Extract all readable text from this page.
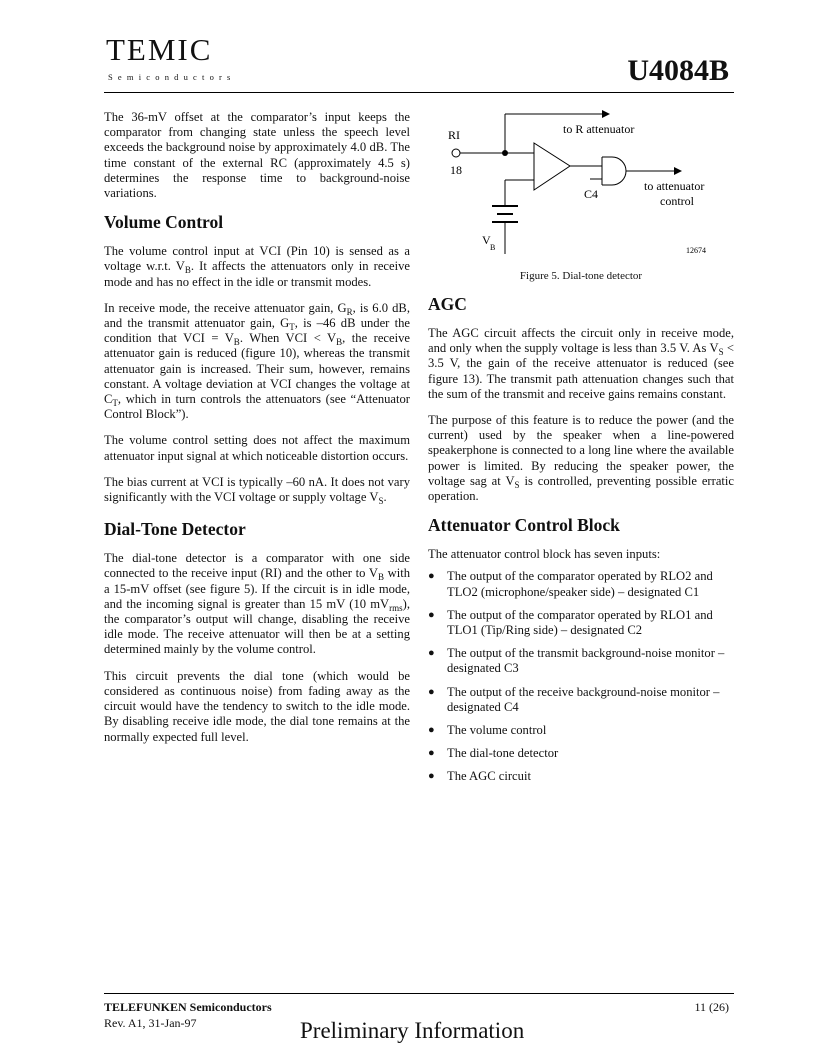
TEMIC
Semiconductors	U4084B

The 36-mV offset at the comparator’s input keeps the comparator from changing state unless the speech level exceeds the background noise by approximately 4.0 dB. The time constant of the external RC (approximately 4.5 s) determines the response time to background-noise variations.

Volume Control

The volume control input at VCI (Pin 10) is sensed as a voltage w.r.t. $V_B$. It affects the attenuators only in receive mode and has no effect in the idle or transmit modes.

In receive mode, the receive attenuator gain, $G_R$, is 6.0 dB, and the transmit attenuator gain, $G_T$, is –46 dB under the condition that VCI = $V_B$. When VCI < $V_B$, the receive attenuator gain is reduced (figure 10), whereas the transmit attenuator gain is increased. Their sum, however, remains constant. A voltage deviation at VCI changes the voltage at $C_T$, which in turn controls the attenuators (see “Attenuator Control Block”).

The volume control setting does not affect the maximum attenuator input signal at which noticeable distortion occurs.

The bias current at VCI is typically –60 nA. It does not vary significantly with the VCI voltage or supply voltage $V_S$.

Dial-Tone Detector

The dial-tone detector is a comparator with one side connected to the receive input (RI) and the other to $V_B$ with a 15-mV offset (see figure 5). If the circuit is in idle mode, and the incoming signal is greater than 15 mV (10 $mV_{rms}$), the comparator’s output will change, disabling the receive idle mode. The receive attenuator will then be at a setting determined mainly by the volume control.

This circuit prevents the dial tone (which would be considered as continuous noise) from fading away as the circuit would have the tendency to switch to the idle mode. By disabling receive idle mode, the dial tone remains at the normally expected full level.

RI
18
to R attenuator
C4
to attenuator
control
V
B	12674
Figure 5. Dial-tone detector
AGC

The AGC circuit affects the circuit only in receive mode, and only when the supply voltage is less than 3.5 V. As $V_S < 3.5$ V, the gain of the receive attenuator is reduced (see figure 13). The transmit path attenuation changes such that the sum of the transmit and receive gains remains constant.

The purpose of this feature is to reduce the power (and the current) used by the speaker when a line-powered speakerphone is connected to a long line where the available power is limited. By reducing the speaker power, the voltage sag at $V_S$ is controlled, preventing possible erratic operation.

Attenuator Control Block

The attenuator control block has seven inputs:

● The output of the comparator operated by RLO2 and TLO2 (microphone/speaker side) – designated C1
● The output of the comparator operated by RLO1 and TLO1 (Tip/Ring side) – designated C2
● The output of the transmit background-noise monitor – designated C3
● The output of the receive background-noise monitor – designated C4
● The volume control
● The dial-tone detector
● The AGC circuit
TELEFUNKEN Semiconductors	11 (26)
Rev. A1, 31-Jan-97	Preliminary Information
